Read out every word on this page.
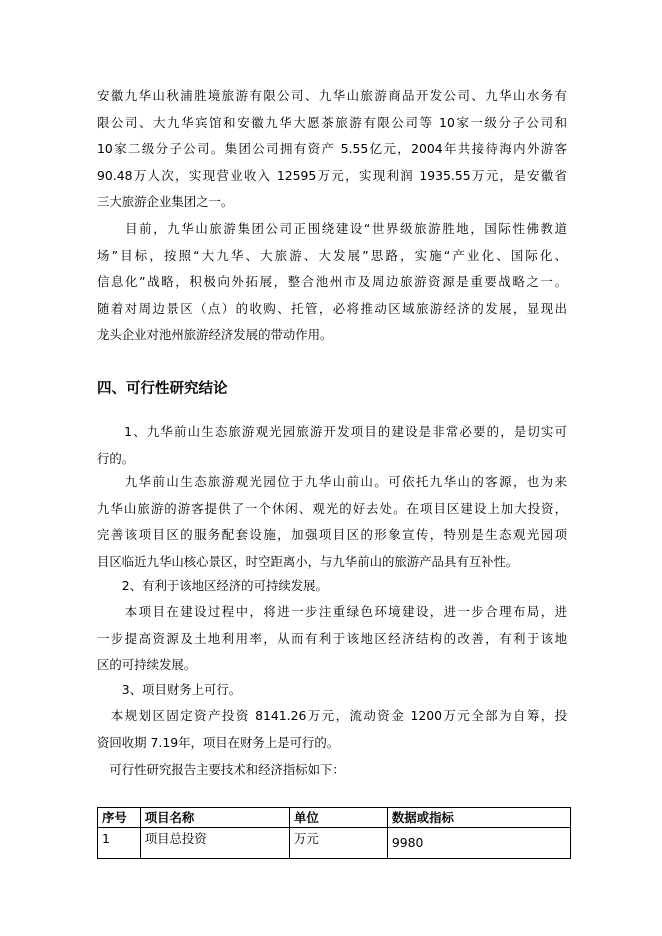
安徽九华山秋浦胜境旅游有限公司、九华山旅游商品开发公司、九华山水务有
限公司、大九华宾馆和安徽九华大愿茶旅游有限公司等 10家一级分子公司和
10家二级分子公司。集团公司拥有资产 5.55亿元，2004年共接待海内外游客
90.48万人次，实现营业收入 12595万元，实现利润 1935.55万元，是安徽省
三大旅游企业集团之一。
　　目前，九华山旅游集团公司正围绕建设“世界级旅游胜地，国际性佛教道
场”目标，按照“大九华、大旅游、大发展”思路，实施“产业化、国际化、
信息化”战略，积极向外拓展，整合池州市及周边旅游资源是重要战略之一。
随着对周边景区（点）的收购、托管，必将推动区域旅游经济的发展，显现出
龙头企业对池州旅游经济发展的带动作用。
四、可行性研究结论
　　1、九华前山生态旅游观光园旅游开发项目的建设是非常必要的，是切实可
行的。
　　九华前山生态旅游观光园位于九华山前山。可依托九华山的客源，也为来
九华山旅游的游客提供了一个休闲、观光的好去处。在项目区建设上加大投资，
完善该项目区的服务配套设施，加强项目区的形象宣传，特别是生态观光园项
目区临近九华山核心景区，时空距离小，与九华前山的旅游产品具有互补性。
　　2、有利于该地区经济的可持续发展。
　　本项目在建设过程中，将进一步注重绿色环境建设，进一步合理布局，进
一步提高资源及土地利用率，从而有利于该地区经济结构的改善，有利于该地
区的可持续发展。
　　3、项目财务上可行。
　本规划区固定资产投资 8141.26万元，流动资金 1200万元全部为自筹，投
资回收期 7.19年，项目在财务上是可行的。
　可行性研究报告主要技术和经济指标如下：
序号	项目名称	单位	数据或指标
1	项目总投资	万元	9980
